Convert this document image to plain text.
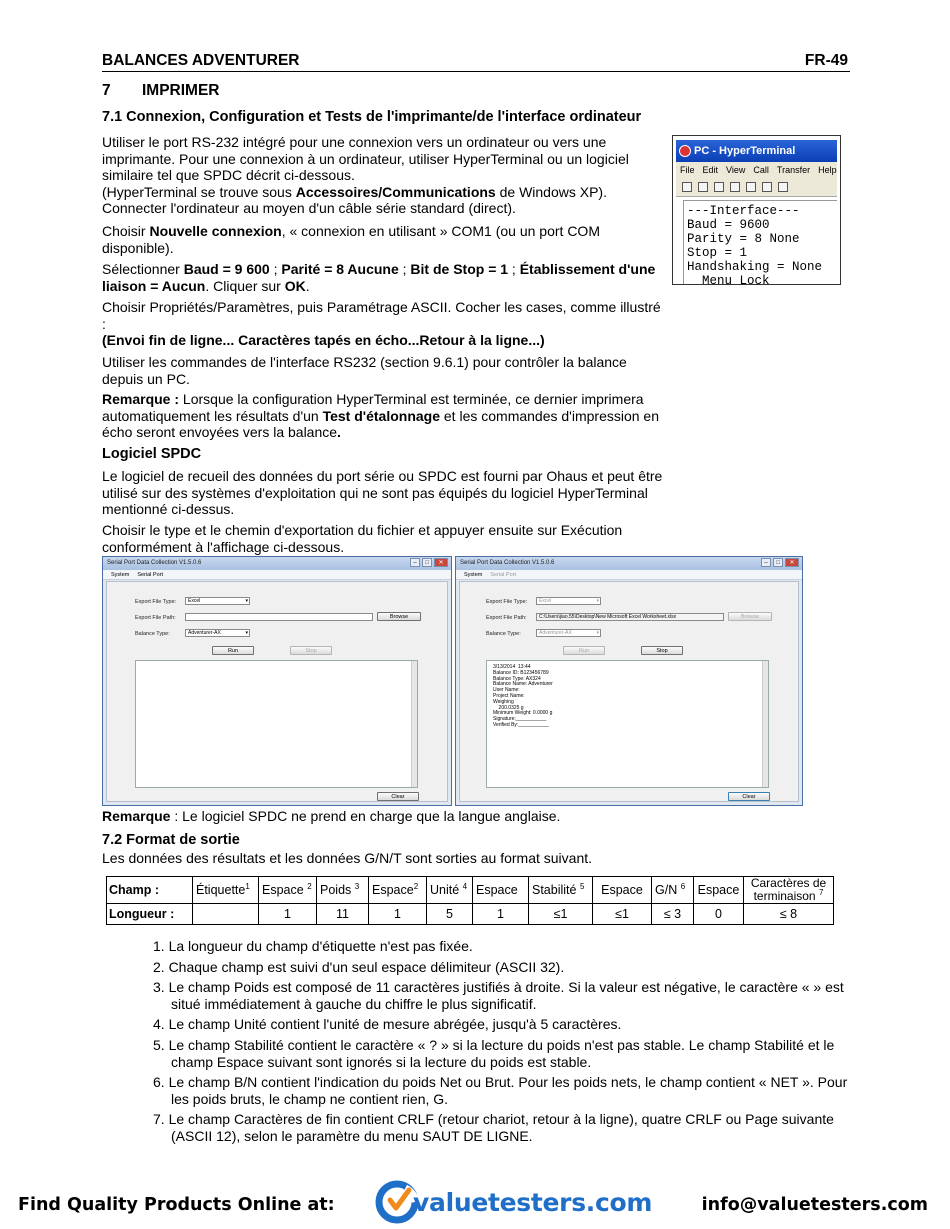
BALANCES ADVENTURER	FR-49
7 IMPRIMER
7.1 Connexion, Configuration et Tests de l'imprimante/de l'interface ordinateur
Utiliser le port RS-232 intégré pour une connexion vers un ordinateur ou vers une imprimante. Pour une connexion à un ordinateur, utiliser HyperTerminal ou un logiciel similaire tel que SPDC décrit ci-dessous.
(HyperTerminal se trouve sous Accessoires/Communications de Windows XP).
Connecter l'ordinateur au moyen d'un câble série standard (direct).
Choisir Nouvelle connexion, « connexion en utilisant » COM1 (ou un port COM disponible).
Sélectionner Baud = 9 600 ; Parité = 8 Aucune ; Bit de Stop = 1 ; Établissement d'une liaison = Aucun. Cliquer sur OK.
Choisir Propriétés/Paramètres, puis Paramétrage ASCII. Cocher les cases, comme illustré :
(Envoi fin de ligne... Caractères tapés en écho...Retour à la ligne...)
Utiliser les commandes de l'interface RS232 (section 9.6.1) pour contrôler la balance depuis un PC.
Remarque : Lorsque la configuration HyperTerminal est terminée, ce dernier imprimera automatiquement les résultats d'un Test d'étalonnage et les commandes d'impression en écho seront envoyées vers la balance.
Logiciel SPDC
Le logiciel de recueil des données du port série ou SPDC est fourni par Ohaus et peut être utilisé sur des systèmes d'exploitation qui ne sont pas équipés du logiciel HyperTerminal mentionné ci-dessus.
Choisir le type et le chemin d'exportation du fichier et appuyer ensuite sur Exécution conformément à l'affichage ci-dessous.
PC - HyperTerminal
File Edit View Call Transfer Help
---Interface---
Baud = 9600
Parity = 8 None
Stop = 1
Handshaking = None
Menu Lock
Serial Port Data Collection V1.5.0.6	–	□	✕
System Serial Port
Export File Type:	Excel ▾
Export File Path:	Browse
Balance Type:	Adventurer-AX ▾
Run	Stop
Clear
Serial Port Data Collection V1.5.0.6	–	□	✕
System Serial Port
Export File Type:	Excel ▾
Export File Path:	C:\Users\jiao.55\Desktop\New Microsoft Excel Worksheet.xlsx	Browse
Balance Type:	Adventurer-AX ▾
Run	Stop
3/13/2014  13:44
Balance ID: B123456789
Balance Type: AX324
Balance Name: Adventurer
User Name:
Project Name:
Weighing
200.0325 g
Minimum Weight: 0.0000 g
Signature:___________
Verified By:___________
Clear
Remarque : Le logiciel SPDC ne prend en charge que la langue anglaise.
7.2 Format de sortie
Les données des résultats et les données G/N/T sont sorties au format suivant.
Champ :	Étiquette$^1$	Espace $^2$	Poids $^3$	Espace$^2$	Unité $^4$	Espace	Stabilité $^5$	Espace	G/N $^6$	Espace	Caractères de
terminaison $^7$

Longueur :		1	11	1	5	1	≤1	≤1	≤ 3	0	≤ 8
1. La longueur du champ d'étiquette n'est pas fixée.
2. Chaque champ est suivi d'un seul espace délimiteur (ASCII 32).
3. Le champ Poids est composé de 11 caractères justifiés à droite. Si la valeur est négative, le caractère « » est situé immédiatement à gauche du chiffre le plus significatif.
4. Le champ Unité contient l'unité de mesure abrégée, jusqu'à 5 caractères.
5. Le champ Stabilité contient le caractère « ? » si la lecture du poids n'est pas stable. Le champ Stabilité et le champ Espace suivant sont ignorés si la lecture du poids est stable.
6. Le champ B/N contient l'indication du poids Net ou Brut. Pour les poids nets, le champ contient « NET ». Pour les poids bruts, le champ ne contient rien, G.
7. Le champ Caractères de fin contient CRLF (retour chariot, retour à la ligne), quatre CRLF ou Page suivante (ASCII 12), selon le paramètre du menu SAUT DE LIGNE.
Find Quality Products Online at:	valuetesters.com	info@valuetesters.com
